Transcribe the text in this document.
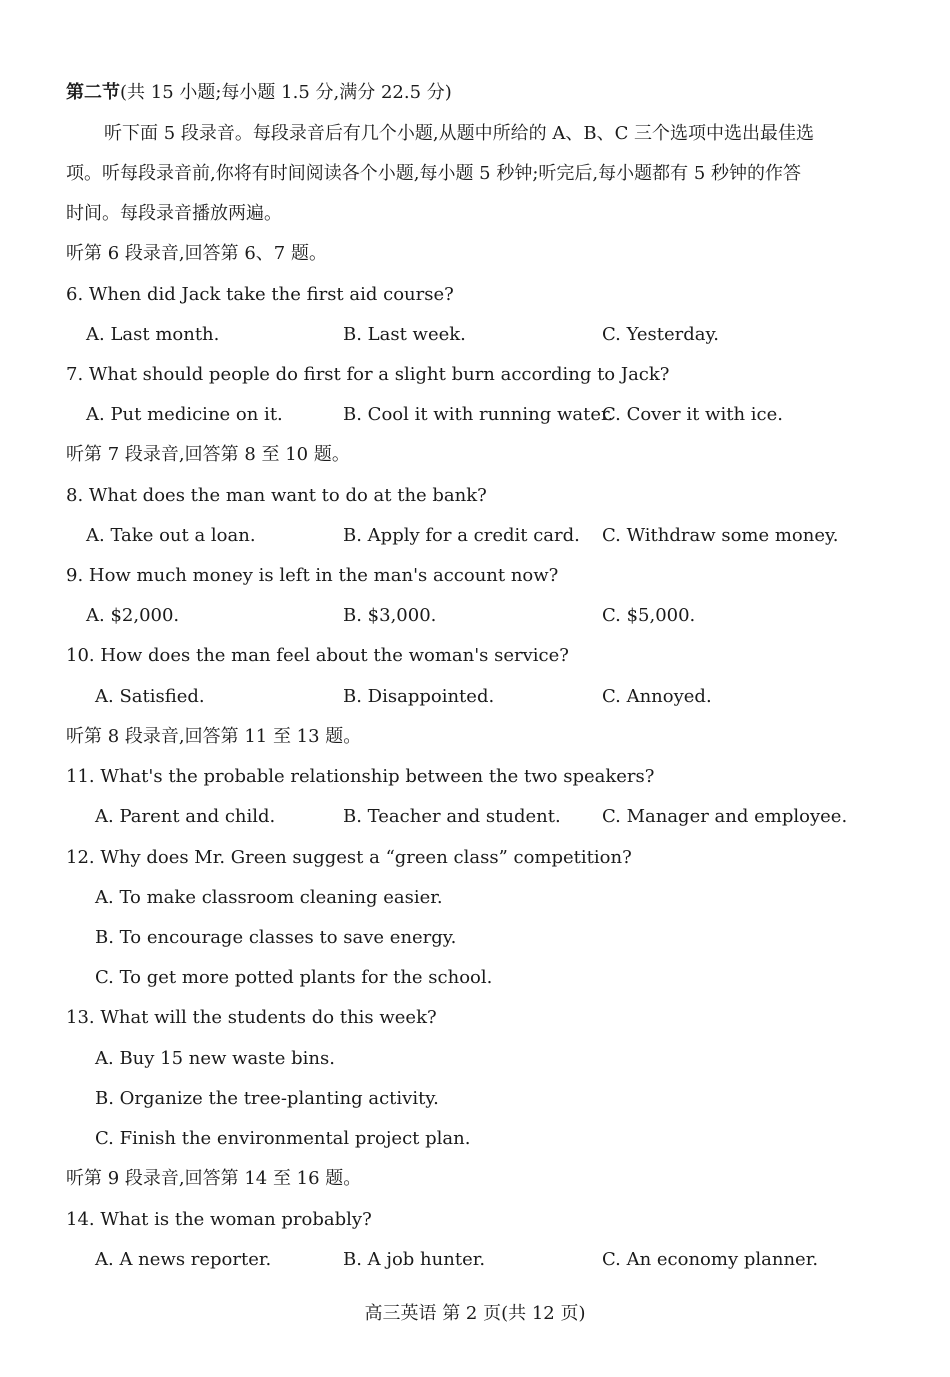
第二节(共 15 小题;每小题 1.5 分,满分 22.5 分)
听下面 5 段录音。每段录音后有几个小题,从题中所给的 A、B、C 三个选项中选出最佳选
项。听每段录音前,你将有时间阅读各个小题,每小题 5 秒钟;听完后,每小题都有 5 秒钟的作答
时间。每段录音播放两遍。
听第 6 段录音,回答第 6、7 题。
6. When did Jack take the first aid course?
A. Last month.	B. Last week.	C. Yesterday.
7. What should people do first for a slight burn according to Jack?
A. Put medicine on it.	B. Cool it with running water.
C. Cover it with ice.
听第 7 段录音,回答第 8 至 10 题。
8. What does the man want to do at the bank?
A. Take out a loan.	B. Apply for a credit card. C. Withdraw some money.
9. How much money is left in the man's account now?
A. $2,000.	B. $3,000.	C. $5,000.
10. How does the man feel about the woman's service?
A. Satisfied.	B. Disappointed.	C. Annoyed.
听第 8 段录音,回答第 11 至 13 题。
11. What's the probable relationship between the two speakers?
A. Parent and child.	B. Teacher and student. C. Manager and employee.
12. Why does Mr. Green suggest a “green class” competition?
A. To make classroom cleaning easier.
B. To encourage classes to save energy.
C. To get more potted plants for the school.
13. What will the students do this week?
A. Buy 15 new waste bins.
B. Organize the tree-planting activity.
C. Finish the environmental project plan.
听第 9 段录音,回答第 14 至 16 题。
14. What is the woman probably?
A. A news reporter.	B. A job hunter.	C. An economy planner.
高三英语 第 2 页(共 12 页)
